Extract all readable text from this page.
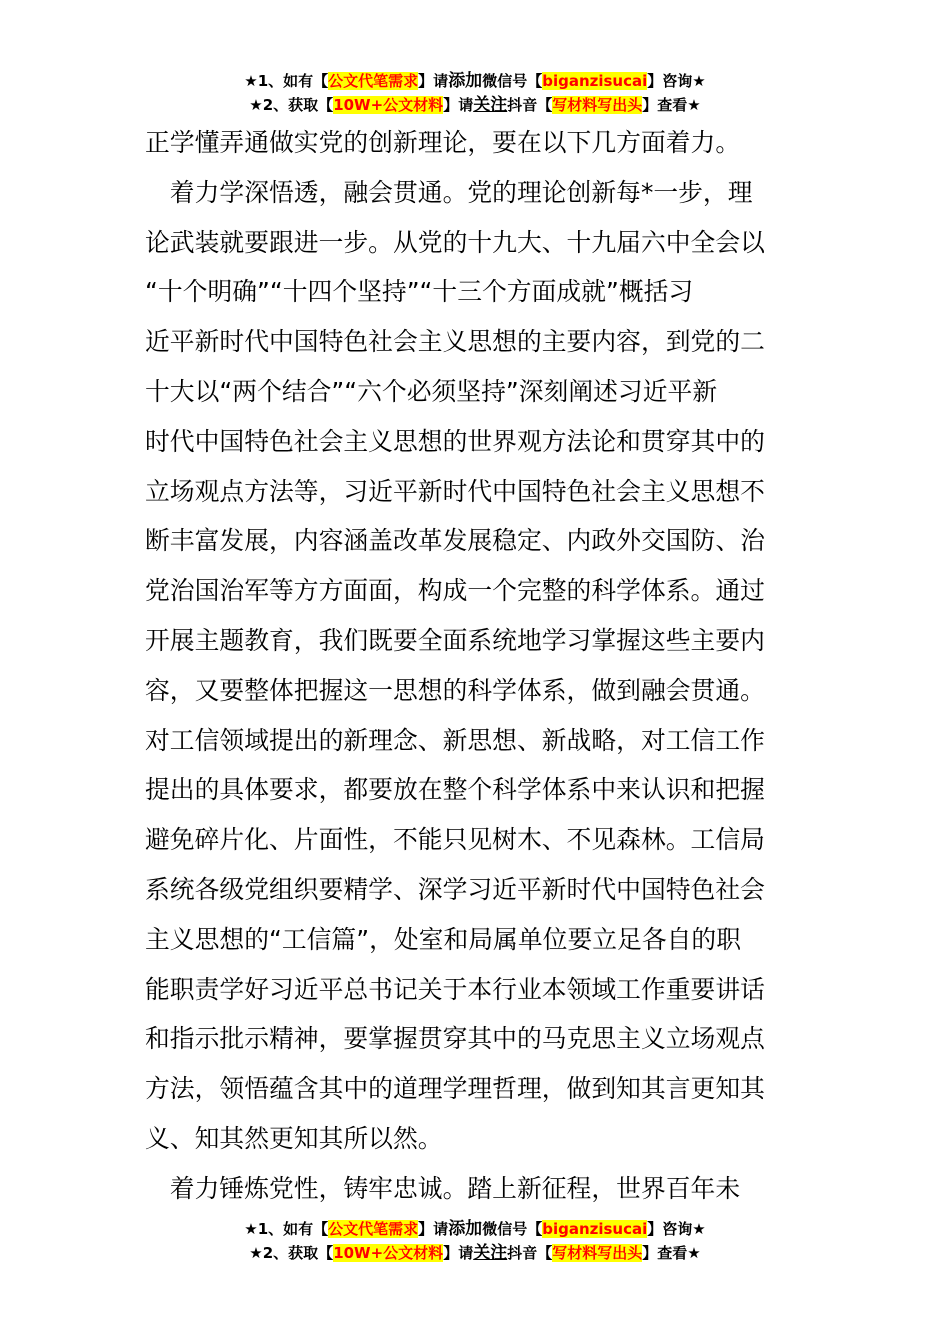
★1、如有【公文代笔需求】请添加微信号【biganzisucai】咨询★
★2、获取【10W+公文材料】请关注抖音【写材料写出头】查看★

正学懂弄通做实党的创新理论，要在以下几方面着力。

　着力学深悟透，融会贯通。党的理论创新每*一步，理

论武装就要跟进一步。从党的十九大、十九届六中全会以

“十个明确”“十四个坚持”“十三个方面成就”概括习

近平新时代中国特色社会主义思想的主要内容，到党的二

十大以“两个结合”“六个必须坚持”深刻阐述习近平新

时代中国特色社会主义思想的世界观方法论和贯穿其中的

立场观点方法等，习近平新时代中国特色社会主义思想不

断丰富发展，内容涵盖改革发展稳定、内政外交国防、治

党治国治军等方方面面，构成一个完整的科学体系。通过

开展主题教育，我们既要全面系统地学习掌握这些主要内

容，又要整体把握这一思想的科学体系，做到融会贯通。

对工信领域提出的新理念、新思想、新战略，对工信工作

提出的具体要求，都要放在整个科学体系中来认识和把握

避免碎片化、片面性，不能只见树木、不见森林。工信局

系统各级党组织要精学、深学习近平新时代中国特色社会

主义思想的“工信篇”，处室和局属单位要立足各自的职

能职责学好习近平总书记关于本行业本领域工作重要讲话

和指示批示精神，要掌握贯穿其中的马克思主义立场观点

方法，领悟蕴含其中的道理学理哲理，做到知其言更知其

义、知其然更知其所以然。

　着力锤炼党性，铸牢忠诚。踏上新征程，世界百年未

★1、如有【公文代笔需求】请添加微信号【biganzisucai】咨询★
★2、获取【10W+公文材料】请关注抖音【写材料写出头】查看★
